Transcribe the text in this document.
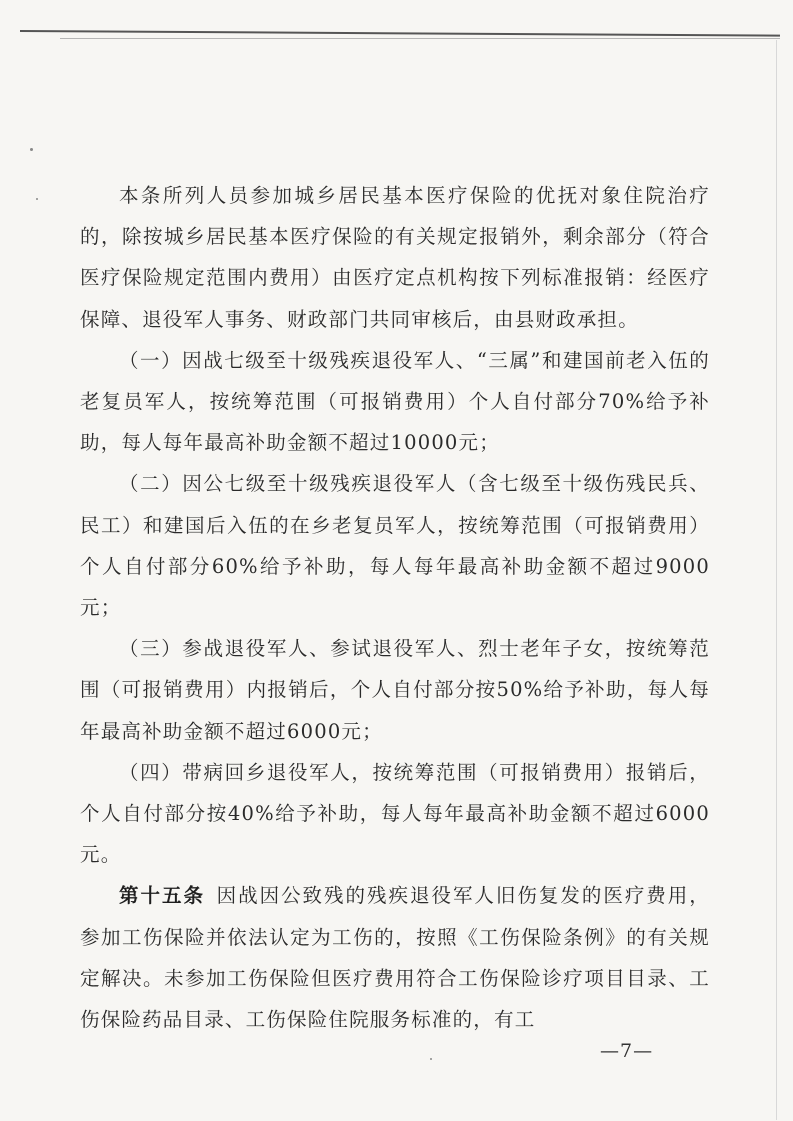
本条所列人员参加城乡居民基本医疗保险的优抚对象住院治疗的，除按城乡居民基本医疗保险的有关规定报销外，剩余部分（符合医疗保险规定范围内费用）由医疗定点机构按下列标准报销：经医疗保障、退役军人事务、财政部门共同审核后，由县财政承担。

（一）因战七级至十级残疾退役军人、“三属”和建国前老入伍的老复员军人，按统筹范围（可报销费用）个人自付部分70%给予补助，每人每年最高补助金额不超过10000元；

（二）因公七级至十级残疾退役军人（含七级至十级伤残民兵、民工）和建国后入伍的在乡老复员军人，按统筹范围（可报销费用）个人自付部分60%给予补助，每人每年最高补助金额不超过9000元；

（三）参战退役军人、参试退役军人、烈士老年子女，按统筹范围（可报销费用）内报销后，个人自付部分按50%给予补助，每人每年最高补助金额不超过6000元；

（四）带病回乡退役军人，按统筹范围（可报销费用）报销后，个人自付部分按40%给予补助，每人每年最高补助金额不超过6000元。

第十五条 因战因公致残的残疾退役军人旧伤复发的医疗费用，参加工伤保险并依法认定为工伤的，按照《工伤保险条例》的有关规定解决。未参加工伤保险但医疗费用符合工伤保险诊疗项目目录、工伤保险药品目录、工伤保险住院服务标准的，有工

—7—
